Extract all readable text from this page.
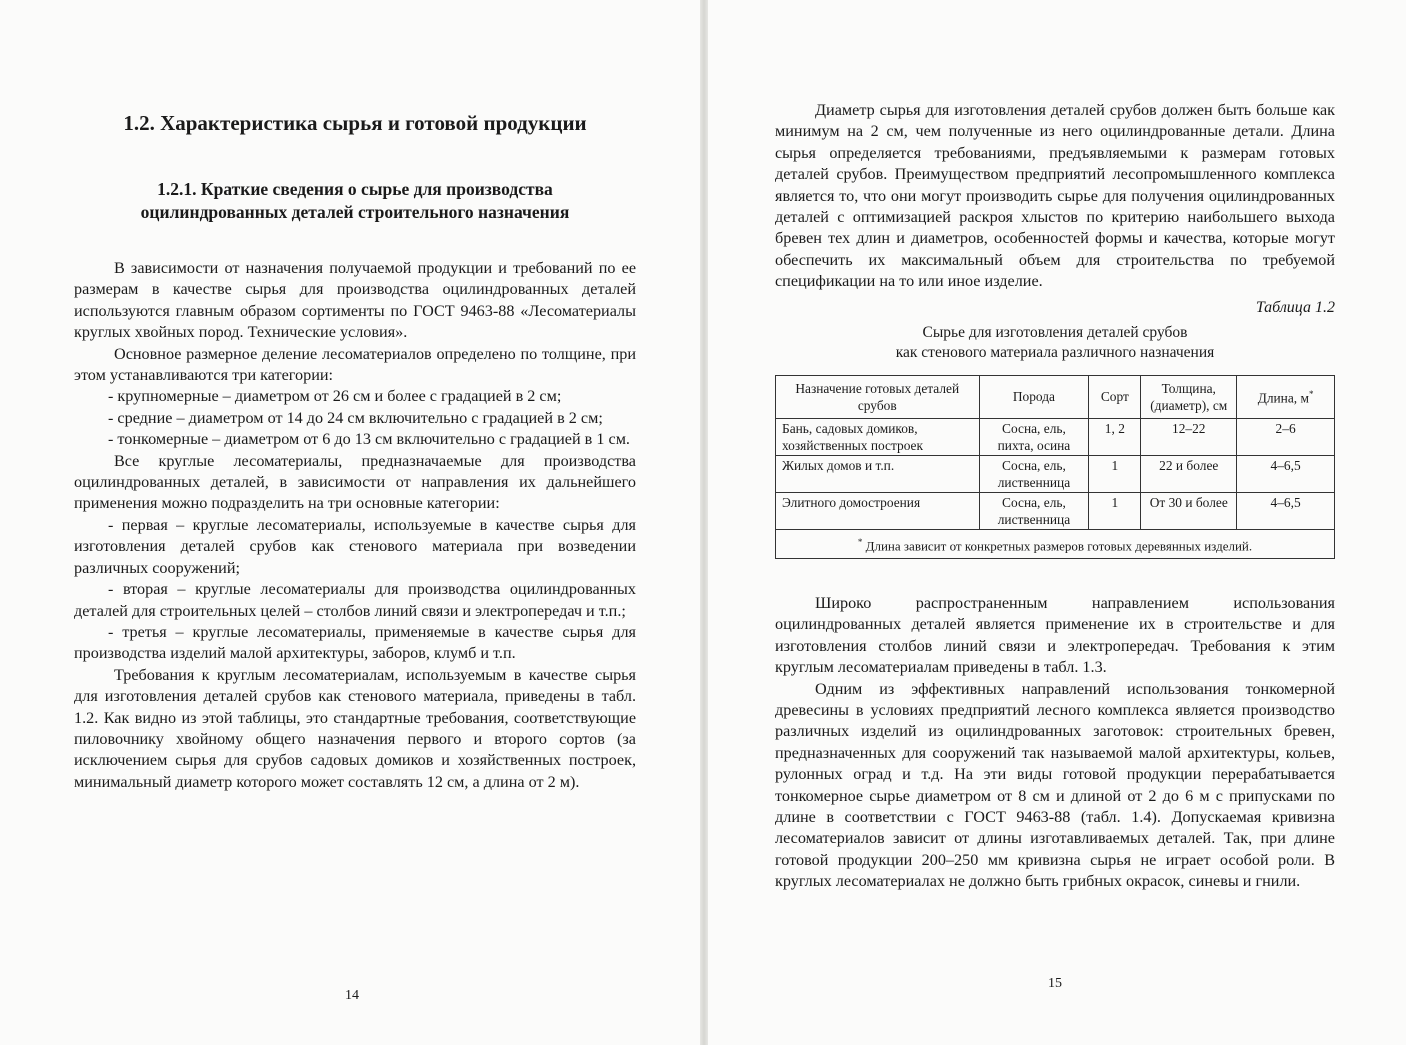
1.2. Характеристика сырья и готовой продукции
1.2.1. Краткие сведения о сырье для производства
оцилиндрованных деталей строительного назначения

В зависимости от назначения получаемой продукции и требований по ее размерам в качестве сырья для производства оцилиндрованных деталей используются главным образом сортименты по ГОСТ 9463-88 «Лесоматериалы круглых хвойных пород. Технические условия».

Основное размерное деление лесоматериалов определено по толщине, при этом устанавливаются три категории:

- крупномерные – диаметром от 26 см и более с градацией в 2 см;

- средние – диаметром от 14 до 24 см включительно с градацией в 2 см;

- тонкомерные – диаметром от 6 до 13 см включительно с градацией в 1 см.

Все круглые лесоматериалы, предназначаемые для производства оцилиндрованных деталей, в зависимости от направления их дальнейшего применения можно подразделить на три основные категории:

- первая – круглые лесоматериалы, используемые в качестве сырья для изготовления деталей срубов как стенового материала при возведении различных сооружений;

- вторая – круглые лесоматериалы для производства оцилиндрованных деталей для строительных целей – столбов линий связи и электропередач и т.п.;

- третья – круглые лесоматериалы, применяемые в качестве сырья для производства изделий малой архитектуры, заборов, клумб и т.п.

Требования к круглым лесоматериалам, используемым в качестве сырья для изготовления деталей срубов как стенового материала, приведены в табл. 1.2. Как видно из этой таблицы, это стандартные требования, соответствующие пиловочнику хвойному общего назначения первого и второго сортов (за исключением сырья для срубов садовых домиков и хозяйственных построек, минимальный диаметр которого может составлять 12 см, а длина от 2 м).

14

Диаметр сырья для изготовления деталей срубов должен быть больше как минимум на 2 см, чем полученные из него оцилиндрованные детали. Длина сырья определяется требованиями, предъявляемыми к размерам готовых деталей срубов. Преимуществом предприятий лесопромышленного комплекса является то, что они могут производить сырье для получения оцилиндрованных деталей с оптимизацией раскроя хлыстов по критерию наибольшего выхода бревен тех длин и диаметров, особенностей формы и качества, которые могут обеспечить их максимальный объем для строительства по требуемой спецификации на то или иное изделие.

Таблица 1.2
Сырье для изготовления деталей срубов
как стенового материала различного назначения
Назначение готовых деталей срубов	Порода	Сорт	Толщина, (диаметр), см	Длина, м*
Бань, садовых домиков, хозяйственных построек	Сосна, ель, пихта, осина	1, 2	12–22	2–6
Жилых домов и т.п.	Сосна, ель, лиственница	1	22 и более	4–6,5
Элитного домостроения	Сосна, ель, лиственница	1	От 30 и более	4–6,5
* Длина зависит от конкретных размеров готовых деревянных изделий.				

Широко распространенным направлением использования оцилиндрованных деталей является применение их в строительстве и для изготовления столбов линий связи и электропередач. Требования к этим круглым лесоматериалам приведены в табл. 1.3.

Одним из эффективных направлений использования тонкомерной древесины в условиях предприятий лесного комплекса является производство различных изделий из оцилиндрованных заготовок: строительных бревен, предназначенных для сооружений так называемой малой архитектуры, кольев, рулонных оград и т.д. На эти виды готовой продукции перерабатывается тонкомерное сырье диаметром от 8 см и длиной от 2 до 6 м с припусками по длине в соответствии с ГОСТ 9463-88 (табл. 1.4). Допускаемая кривизна лесоматериалов зависит от длины изготавливаемых деталей. Так, при длине готовой продукции 200–250 мм кривизна сырья не играет особой роли. В круглых лесоматериалах не должно быть грибных окрасок, синевы и гнили.

15
